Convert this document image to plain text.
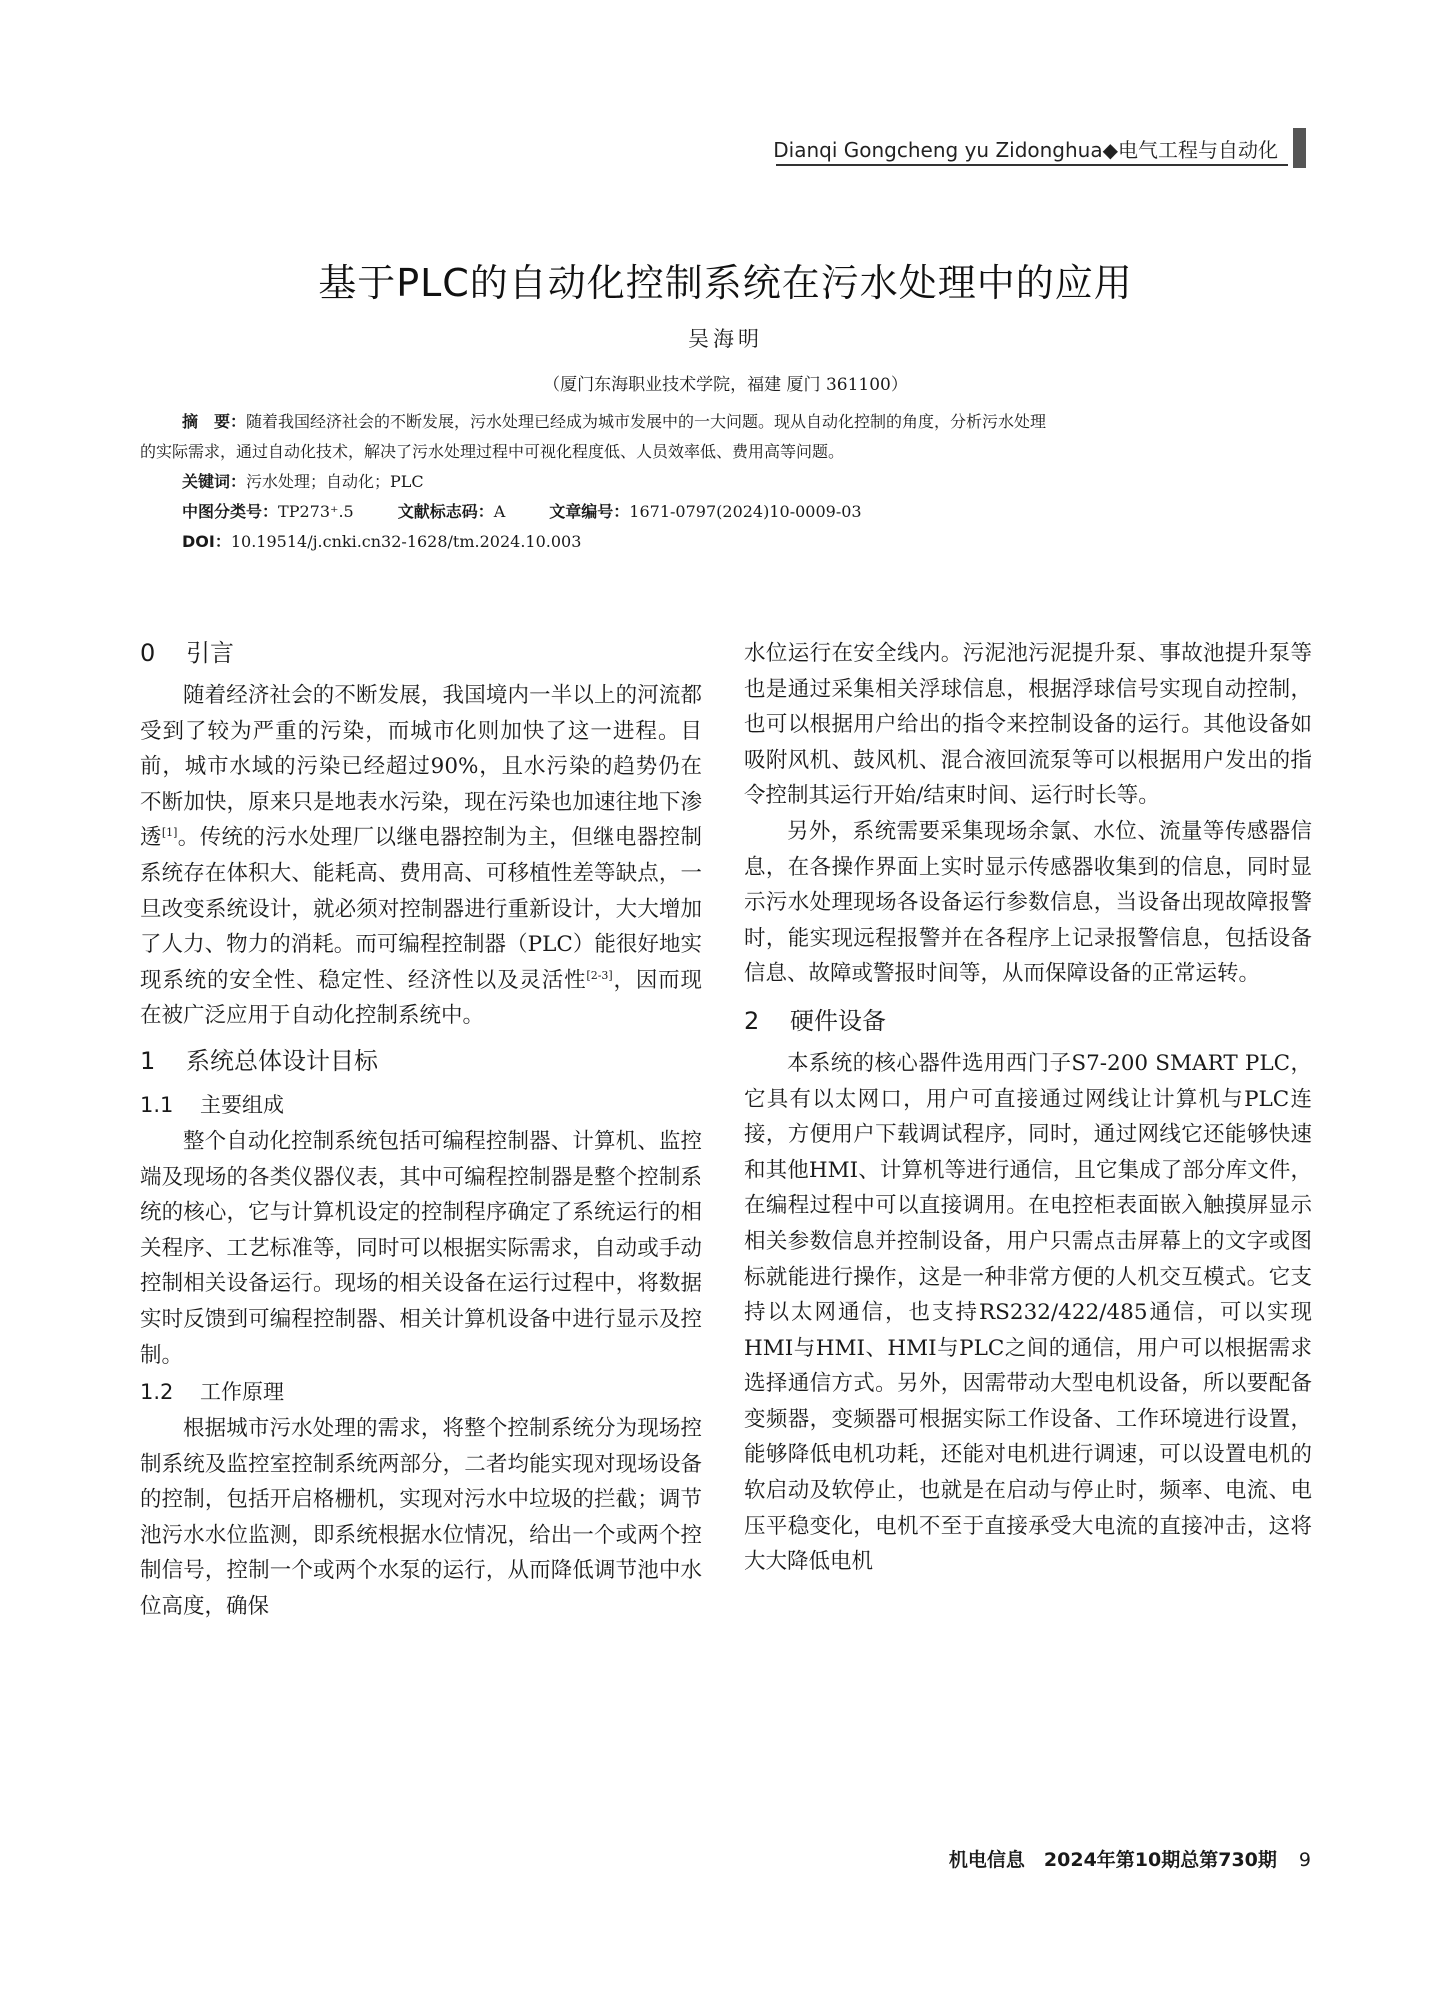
Dianqi Gongcheng yu Zidonghua◆电气工程与自动化
基于PLC的自动化控制系统在污水处理中的应用
吴海明
（厦门东海职业技术学院，福建 厦门 361100）

摘　要：随着我国经济社会的不断发展，污水处理已经成为城市发展中的一大问题。现从自动化控制的角度，分析污水处理

的实际需求，通过自动化技术，解决了污水处理过程中可视化程度低、人员效率低、费用高等问题。

关键词：污水处理；自动化；PLC

中图分类号：TP273⁺.5	文献标志码：A	文章编号：1671-0797(2024)10-0009-03

DOI：10.19514/j.cnki.cn32-1628/tm.2024.10.003

0 引言

随着经济社会的不断发展，我国境内一半以上的河流都受到了较为严重的污染，而城市化则加快了这一进程。目前，城市水域的污染已经超过90%，且水污染的趋势仍在不断加快，原来只是地表水污染，现在污染也加速往地下渗透[1]。传统的污水处理厂以继电器控制为主，但继电器控制系统存在体积大、能耗高、费用高、可移植性差等缺点，一旦改变系统设计，就必须对控制器进行重新设计，大大增加了人力、物力的消耗。而可编程控制器（PLC）能很好地实现系统的安全性、稳定性、经济性以及灵活性[2-3]，因而现在被广泛应用于自动化控制系统中。

1 系统总体设计目标
1.1 主要组成

整个自动化控制系统包括可编程控制器、计算机、监控端及现场的各类仪器仪表，其中可编程控制器是整个控制系统的核心，它与计算机设定的控制程序确定了系统运行的相关程序、工艺标准等，同时可以根据实际需求，自动或手动控制相关设备运行。现场的相关设备在运行过程中，将数据实时反馈到可编程控制器、相关计算机设备中进行显示及控制。

1.2 工作原理

根据城市污水处理的需求，将整个控制系统分为现场控制系统及监控室控制系统两部分，二者均能实现对现场设备的控制，包括开启格栅机，实现对污水中垃圾的拦截；调节池污水水位监测，即系统根据水位情况，给出一个或两个控制信号，控制一个或两个水泵的运行，从而降低调节池中水位高度，确保

水位运行在安全线内。污泥池污泥提升泵、事故池提升泵等也是通过采集相关浮球信息，根据浮球信号实现自动控制，也可以根据用户给出的指令来控制设备的运行。其他设备如吸附风机、鼓风机、混合液回流泵等可以根据用户发出的指令控制其运行开始/结束时间、运行时长等。

另外，系统需要采集现场余氯、水位、流量等传感器信息，在各操作界面上实时显示传感器收集到的信息，同时显示污水处理现场各设备运行参数信息，当设备出现故障报警时，能实现远程报警并在各程序上记录报警信息，包括设备信息、故障或警报时间等，从而保障设备的正常运转。

2 硬件设备

本系统的核心器件选用西门子S7-200 SMART PLC，它具有以太网口，用户可直接通过网线让计算机与PLC连接，方便用户下载调试程序，同时，通过网线它还能够快速和其他HMI、计算机等进行通信，且它集成了部分库文件，在编程过程中可以直接调用。在电控柜表面嵌入触摸屏显示相关参数信息并控制设备，用户只需点击屏幕上的文字或图标就能进行操作，这是一种非常方便的人机交互模式。它支持以太网通信，也支持RS232/422/485通信，可以实现HMI与HMI、HMI与PLC之间的通信，用户可以根据需求选择通信方式。另外，因需带动大型电机设备，所以要配备变频器，变频器可根据实际工作设备、工作环境进行设置，能够降低电机功耗，还能对电机进行调速，可以设置电机的软启动及软停止，也就是在启动与停止时，频率、电流、电压平稳变化，电机不至于直接承受大电流的直接冲击，这将大大降低电机

机电信息　2024年第10期总第730期 9
